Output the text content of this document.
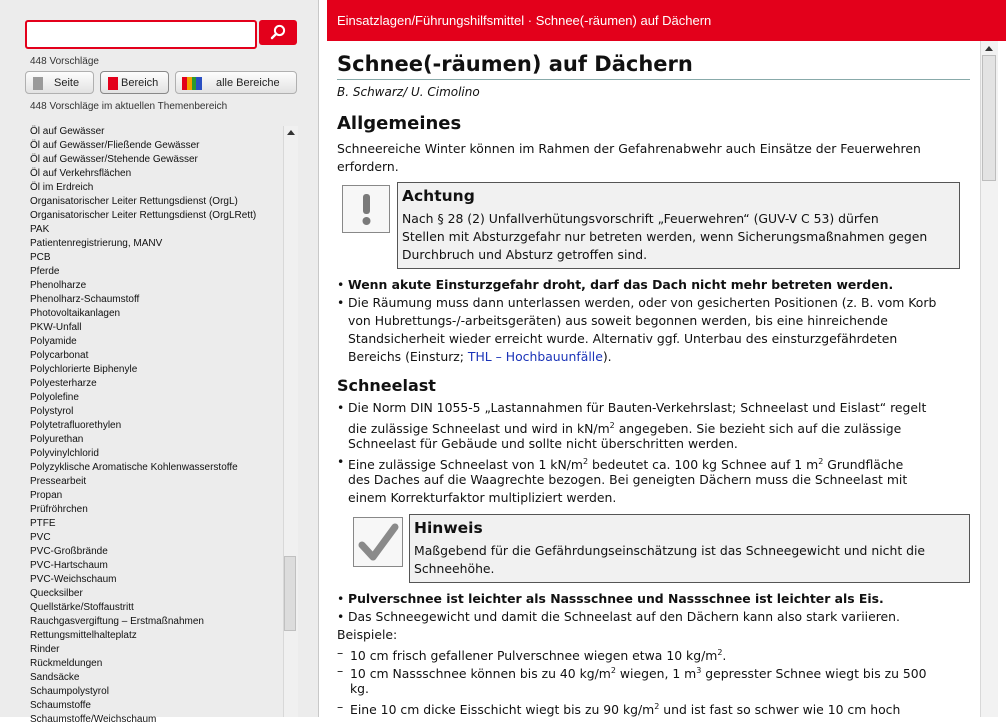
448 Vorschläge
Seite	Bereich	alle Bereiche
448 Vorschläge im aktuellen Themenbereich
Öl auf Gewässer
Öl auf Gewässer/Fließende Gewässer
Öl auf Gewässer/Stehende Gewässer
Öl auf Verkehrsflächen
Öl im Erdreich
Organisatorischer Leiter Rettungsdienst (OrgL)
Organisatorischer Leiter Rettungsdienst (OrgLRett)
PAK
Patientenregistrierung, MANV
PCB
Pferde
Phenolharze
Phenolharz-Schaumstoff
Photovoltaikanlagen
PKW-Unfall
Polyamide
Polycarbonat
Polychlorierte Biphenyle
Polyesterharze
Polyolefine
Polystyrol
Polytetrafluorethylen
Polyurethan
Polyvinylchlorid
Polyzyklische Aromatische Kohlenwasserstoffe
Pressearbeit
Propan
Prüfröhrchen
PTFE
PVC
PVC-Großbrände
PVC-Hartschaum
PVC-Weichschaum
Quecksilber
Quellstärke/Stoffaustritt
Rauchgasvergiftung – Erstmaßnahmen
Rettungsmittelhalteplatz
Rinder
Rückmeldungen
Sandsäcke
Schaumpolystyrol
Schaumstoffe
Schaumstoffe/Weichschaum
Einsatzlagen/Führungshilfsmittel · Schnee(-räumen) auf Dächern
Schnee(-räumen) auf Dächern
B. Schwarz/ U. Cimolino
Allgemeines
Schneereiche Winter können im Rahmen der Gefahrenabwehr auch Einsätze der Feuerwehren
erfordern.
Achtung
Nach § 28 (2) Unfallverhütungsvorschrift „Feuerwehren“ (GUV-V C 53) dürfen
Stellen mit Absturzgefahr nur betreten werden, wenn Sicherungsmaßnahmen gegen
Durchbruch und Absturz getroffen sind.
• Wenn akute Einsturzgefahr droht, darf das Dach nicht mehr betreten werden.
• Die Räumung muss dann unterlassen werden, oder von gesicherten Positionen (z. B. vom Korb
von Hubrettungs-/-arbeitsgeräten) aus soweit begonnen werden, bis eine hinreichende
Standsicherheit wieder erreicht wurde. Alternativ ggf. Unterbau des einsturzgefährdeten
Bereichs (Einsturz; THL – Hochbauunfälle).
Schneelast
• Die Norm DIN 1055-5 „Lastannahmen für Bauten-Verkehrslast; Schneelast und Eislast“ regelt
die zulässige Schneelast und wird in $kN/m^2$ angegeben. Sie bezieht sich auf die zulässige
Schneelast für Gebäude und sollte nicht überschritten werden.
• Eine zulässige Schneelast von 1 $kN/m^2$ bedeutet ca. 100 kg Schnee auf 1 $m^2$ Grundfläche
des Daches auf die Waagrechte bezogen. Bei geneigten Dächern muss die Schneelast mit
einem Korrekturfaktor multipliziert werden.
Hinweis
Maßgebend für die Gefährdungseinschätzung ist das Schneegewicht und nicht die
Schneehöhe.
• Pulverschnee ist leichter als Nassschnee und Nassschnee ist leichter als Eis.
• Das Schneegewicht und damit die Schneelast auf den Dächern kann also stark variieren.
Beispiele:
– 10 cm frisch gefallener Pulverschnee wiegen etwa 10 $kg/m^2$.
– 10 cm Nassschnee können bis zu 40 $kg/m^2$ wiegen, 1 $m^3$ gepresster Schnee wiegt bis zu 500
kg.
– Eine 10 cm dicke Eisschicht wiegt bis zu 90 $kg/m^2$ und ist fast so schwer wie 10 cm hoch
